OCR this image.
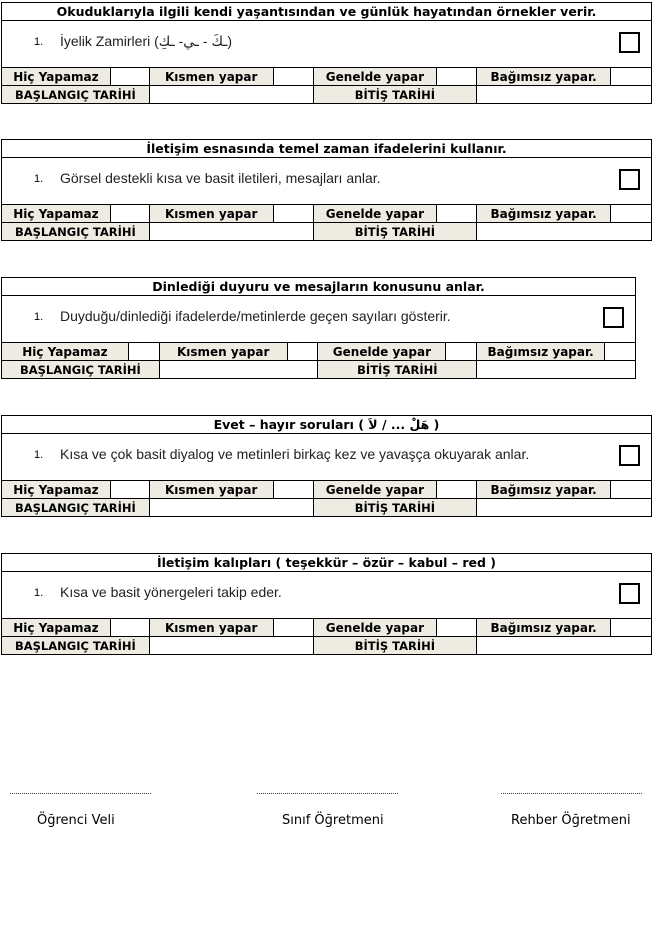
Okuduklarıyla ilgili kendi yaşantısından ve günlük hayatından örnekler verir.							

1. İyelik Zamirleri (ـكَ - ـي- ـكِ)							

Hiç Yapamaz		Kısmen yapar		Genelde yapar		Bağımsız yapar.	
BAŞLANGIÇ TARİHİ				BİTİŞ TARİHİ			
İletişim esnasında temel zaman ifadelerini kullanır.							

1. Görsel destekli kısa ve basit iletileri, mesajları anlar.							

Hiç Yapamaz		Kısmen yapar		Genelde yapar		Bağımsız yapar.	
BAŞLANGIÇ TARİHİ				BİTİŞ TARİHİ			
Dinlediği duyuru ve mesajların konusunu anlar.							

1. Duyduğu/dinlediği ifadelerde/metinlerde geçen sayıları gösterir.							

Hiç Yapamaz		Kısmen yapar		Genelde yapar		Bağımsız yapar.	
BAŞLANGIÇ TARİHİ				BİTİŞ TARİHİ			
Evet – hayır soruları ( هَلْ ... / لاَ )							

1. Kısa ve çok basit diyalog ve metinleri birkaç kez ve yavaşça okuyarak anlar.							

Hiç Yapamaz		Kısmen yapar		Genelde yapar		Bağımsız yapar.	
BAŞLANGIÇ TARİHİ				BİTİŞ TARİHİ			
İletişim kalıpları ( teşekkür – özür – kabul – red )							

1. Kısa ve basit yönergeleri takip eder.							

Hiç Yapamaz		Kısmen yapar		Genelde yapar		Bağımsız yapar.	
BAŞLANGIÇ TARİHİ				BİTİŞ TARİHİ			
Öğrenci Veli	Sınıf Öğretmeni	Rehber Öğretmeni
